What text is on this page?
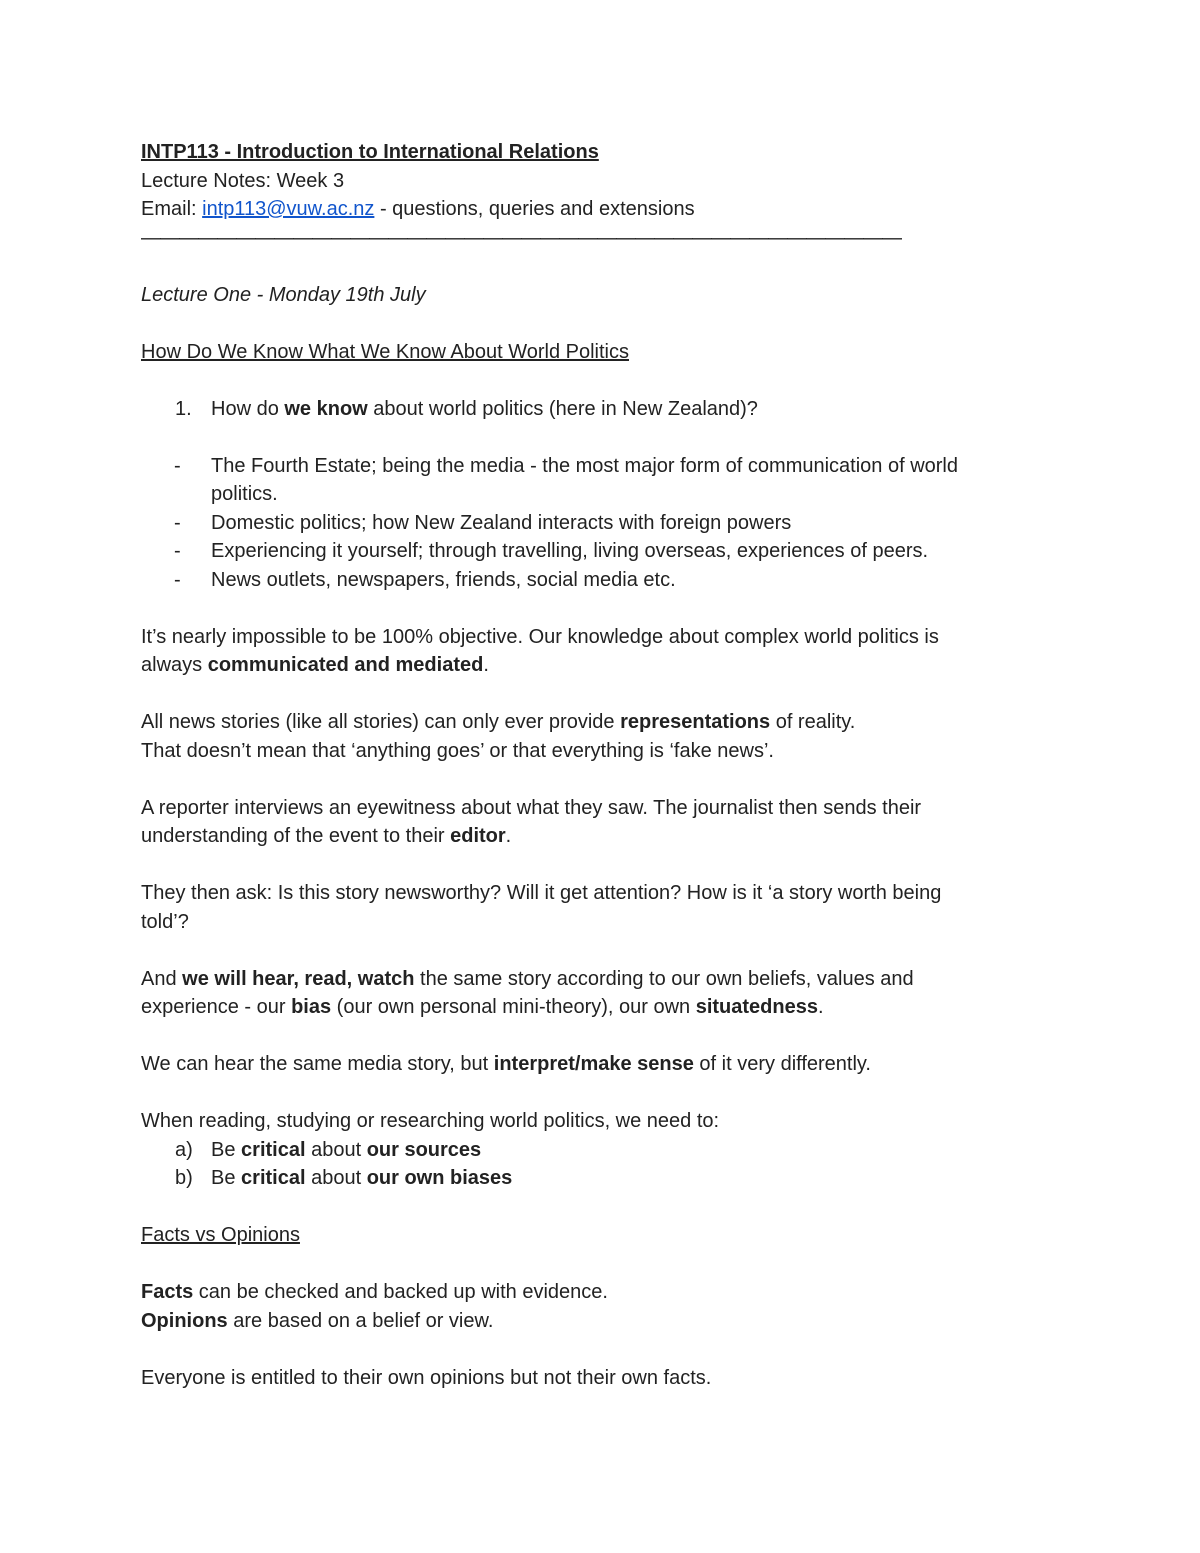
INTP113 - Introduction to International Relations
Lecture Notes: Week 3
Email: intp113@vuw.ac.nz - questions, queries and extensions
————————————————————————————————————————
Lecture One - Monday 19th July
How Do We Know What We Know About World Politics
1. How do we know about world politics (here in New Zealand)?
- The Fourth Estate; being the media - the most major form of communication of world
politics.
- Domestic politics; how New Zealand interacts with foreign powers
- Experiencing it yourself; through travelling, living overseas, experiences of peers.
- News outlets, newspapers, friends, social media etc.
It’s nearly impossible to be 100% objective. Our knowledge about complex world politics is
always communicated and mediated.
All news stories (like all stories) can only ever provide representations of reality.
That doesn’t mean that ‘anything goes’ or that everything is ‘fake news’.
A reporter interviews an eyewitness about what they saw. The journalist then sends their
understanding of the event to their editor.
They then ask: Is this story newsworthy? Will it get attention? How is it ‘a story worth being
told’?
And we will hear, read, watch the same story according to our own beliefs, values and
experience - our bias (our own personal mini-theory), our own situatedness.
We can hear the same media story, but interpret/make sense of it very differently.
When reading, studying or researching world politics, we need to:
a) Be critical about our sources
b) Be critical about our own biases
Facts vs Opinions
Facts can be checked and backed up with evidence.
Opinions are based on a belief or view.
Everyone is entitled to their own opinions but not their own facts.
